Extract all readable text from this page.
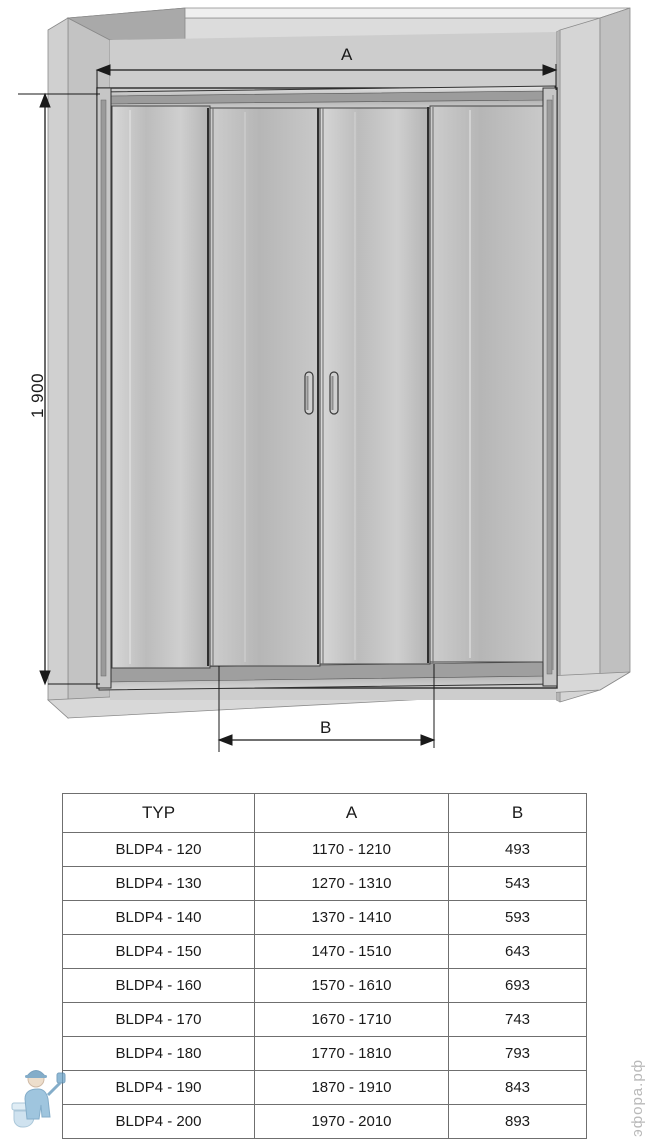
A
1 900
B
TYP	A	B
BLDP4 - 120	1170 - 1210	493
BLDP4 - 130	1270 - 1310	543
BLDP4 - 140	1370 - 1410	593
BLDP4 - 150	1470 - 1510	643
BLDP4 - 160	1570 - 1610	693
BLDP4 - 170	1670 - 1710	743
BLDP4 - 180	1770 - 1810	793
BLDP4 - 190	1870 - 1910	843
BLDP4 - 200	1970 - 2010	893	эфора.рф
